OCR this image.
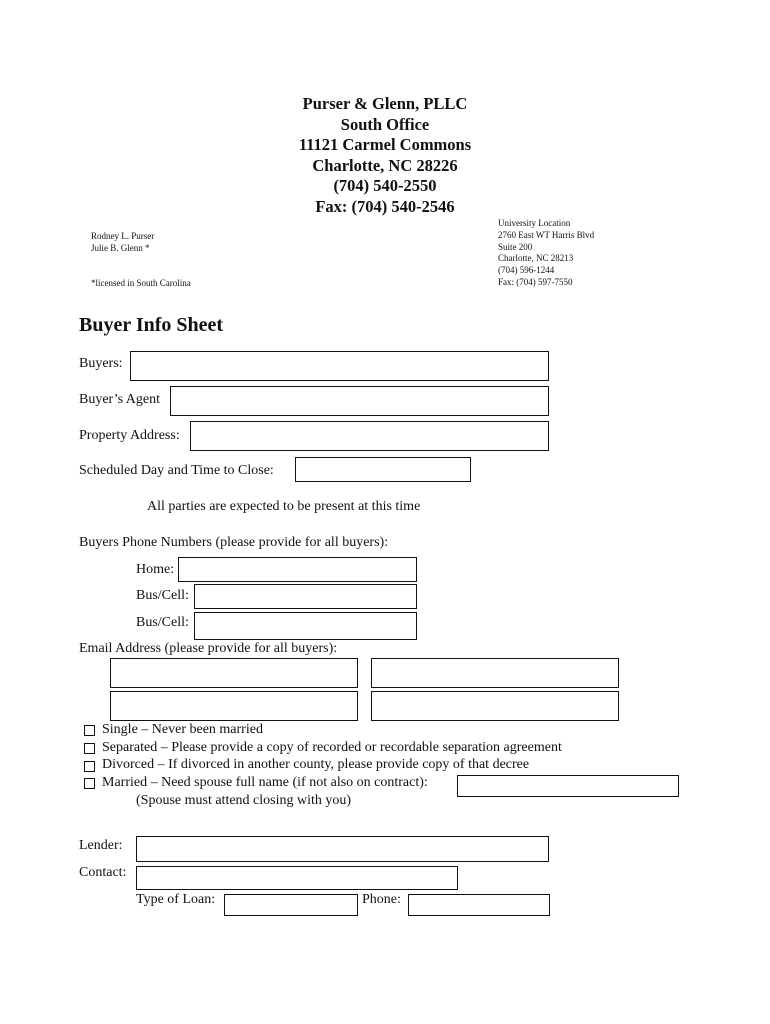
Purser & Glenn, PLLC
South Office
11121 Carmel Commons
Charlotte, NC 28226
(704) 540-2550
Fax: (704) 540-2546
Rodney L. Purser
Julie B. Glenn *
*licensed in South Carolina
University Location
2760 East WT Harris Blvd
Suite 200
Charlotte, NC 28213
(704) 596-1244
Fax: (704) 597-7550
Buyer Info Sheet
Buyers:
Buyer’s Agent
Property Address:
Scheduled Day and Time to Close:
All parties are expected to be present at this time
Buyers Phone Numbers (please provide for all buyers):
Home:
Bus/Cell:
Bus/Cell:
Email Address (please provide for all buyers):
Single – Never been married
Separated – Please provide a copy of recorded or recordable separation agreement
Divorced – If divorced in another county, please provide copy of that decree
Married – Need spouse full name (if not also on contract):
(Spouse must attend closing with you)
Lender:
Contact:
Type of Loan:	Phone:
